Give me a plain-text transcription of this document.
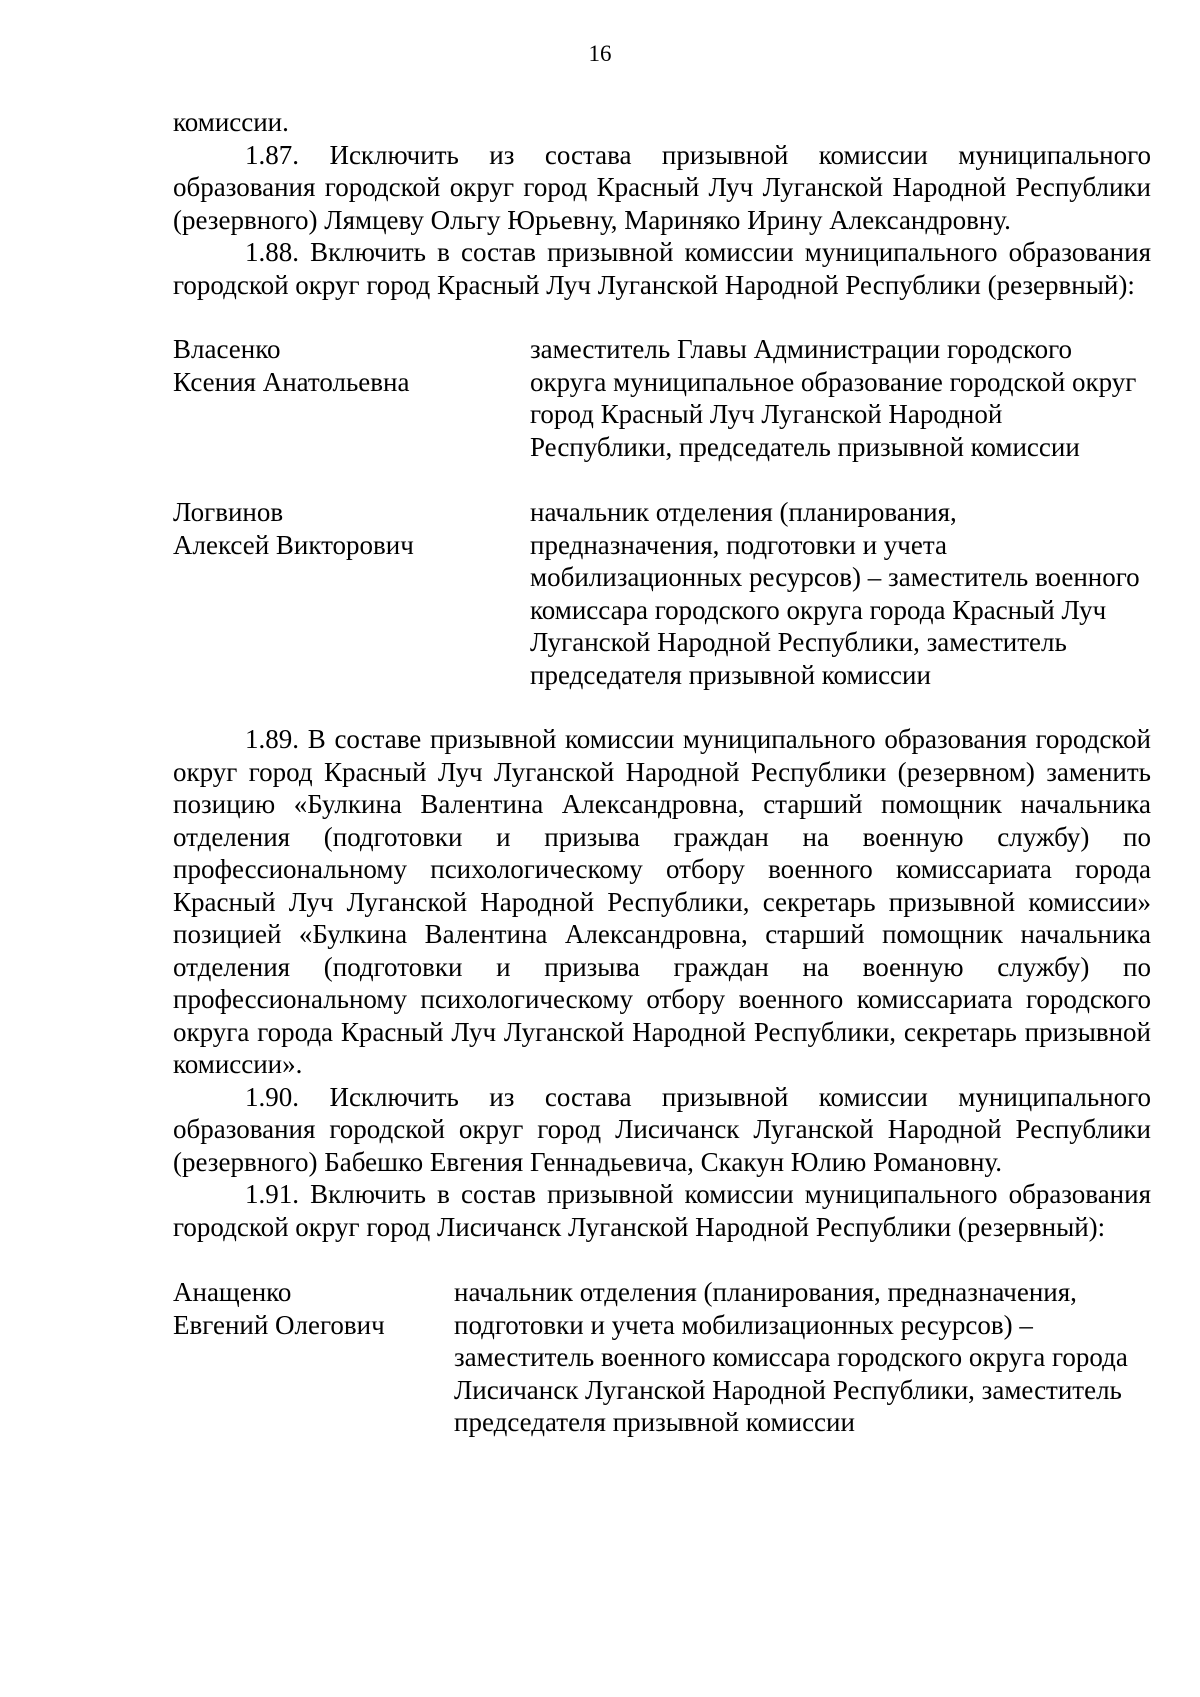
16

комиссии.

1.87. Исключить из состава призывной комиссии муниципального образования городской округ город Красный Луч Луганской Народной Республики (резервного) Лямцеву Ольгу Юрьевну, Мариняко Ирину Александровну.

1.88. Включить в состав призывной комиссии муниципального образования городской округ город Красный Луч Луганской Народной Республики (резервный):

Власенко
Ксения Анатольевна
заместитель Главы Администрации городского округа муниципальное образование городской округ город Красный Луч Луганской Народной Республики, председатель призывной комиссии
Логвинов
Алексей Викторович
начальник отделения (планирования, предназначения, подготовки и учета мобилизационных ресурсов) – заместитель военного комиссара городского округа города Красный Луч Луганской Народной Республики, заместитель председателя призывной комиссии

1.89. В составе призывной комиссии муниципального образования городской округ город Красный Луч Луганской Народной Республики (резервном) заменить позицию «Булкина Валентина Александровна, старший помощник начальника отделения (подготовки и призыва граждан на военную службу) по профессиональному психологическому отбору военного комиссариата города Красный Луч Луганской Народной Республики, секретарь призывной комиссии» позицией «Булкина Валентина Александровна, старший помощник начальника отделения (подготовки и призыва граждан на военную службу) по профессиональному психологическому отбору военного комиссариата городского округа города Красный Луч Луганской Народной Республики, секретарь призывной комиссии».

1.90. Исключить из состава призывной комиссии муниципального образования городской округ город Лисичанск Луганской Народной Республики (резервного) Бабешко Евгения Геннадьевича, Скакун Юлию Романовну.

1.91. Включить в состав призывной комиссии муниципального образования городской округ город Лисичанск Луганской Народной Республики (резервный):

Анащенко
Евгений Олегович
начальник отделения (планирования, предназначения, подготовки и учета мобилизационных ресурсов) – заместитель военного комиссара городского округа города Лисичанск Луганской Народной Республики, заместитель председателя призывной комиссии
